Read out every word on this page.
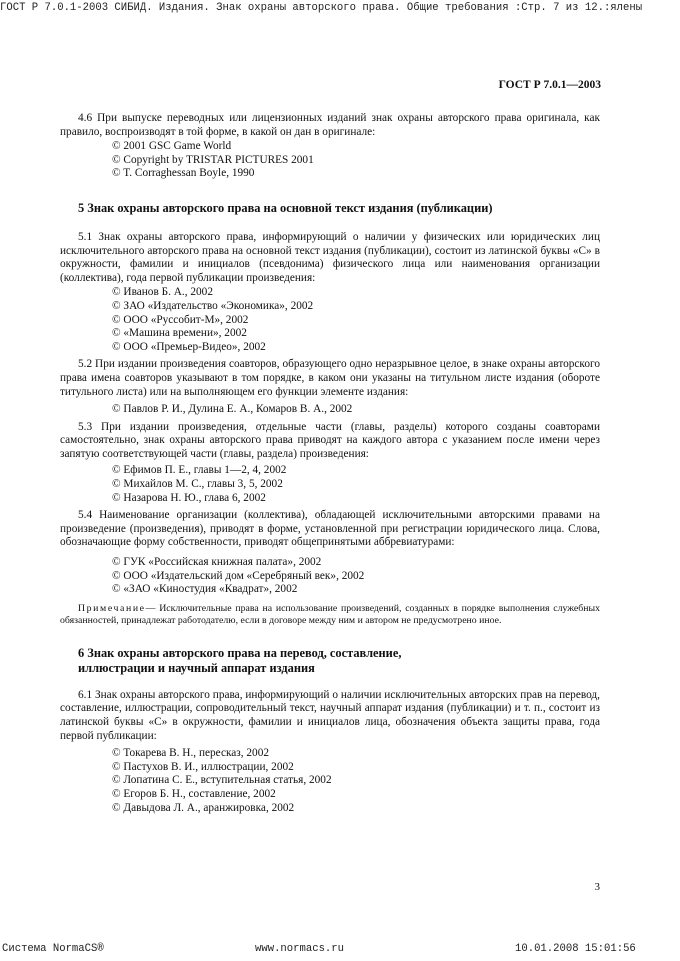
ГОСТ Р 7.0.1-2003 СИБИД. Издания. Знак охраны авторского права. Общие требования :Стр. 7 из 12.:ялены
ГОСТ Р 7.0.1—2003

4.6 При выпуске переводных или лицензионных изданий знак охраны авторского права оригинала, как правило, воспроизводят в той форме, в какой он дан в оригинале:

© 2001 GSC Game World
© Copyright by TRISTAR PICTURES 2001
© T. Corraghessan Boyle, 1990
5 Знак охраны авторского права на основной текст издания (публикации)

5.1 Знак охраны авторского права, информирующий о наличии у физических или юридических лиц исключительного авторского права на основной текст издания (публикации), состоит из латинской буквы «С» в окружности, фамилии и инициалов (псевдонима) физического лица или наименования организации (коллектива), года первой публикации произведения:

© Иванов Б. А., 2002
© ЗАО «Издательство «Экономика», 2002
© ООО «Руссобит-М», 2002
© «Машина времени», 2002
© ООО «Премьер-Видео», 2002

5.2 При издании произведения соавторов, образующего одно неразрывное целое, в знаке охраны авторского права имена соавторов указывают в том порядке, в каком они указаны на титульном листе издания (обороте титульного листа) или на выполняющем его функции элементе издания:

© Павлов Р. И., Дулина Е. А., Комаров В. А., 2002

5.3 При издании произведения, отдельные части (главы, разделы) которого созданы соавторами самостоятельно, знак охраны авторского права приводят на каждого автора с указанием после имени через запятую соответствующей части (главы, раздела) произведения:

© Ефимов П. Е., главы 1—2, 4, 2002
© Михайлов М. С., главы 3, 5, 2002
© Назарова Н. Ю., глава 6, 2002

5.4 Наименование организации (коллектива), обладающей исключительными авторскими правами на произведение (произведения), приводят в форме, установленной при регистрации юридического лица. Слова, обозначающие форму собственности, приводят общепринятыми аббревиатурами:

© ГУК «Российская книжная палата», 2002
© ООО «Издательский дом «Серебряный век», 2002
© «ЗАО «Киностудия «Квадрат», 2002

Примечание— Исключительные права на использование произведений, созданных в порядке выполнения служебных обязанностей, принадлежат работодателю, если в договоре между ним и автором не предусмотрено иное.

6 Знак охраны авторского права на перевод, составление,
иллюстрации и научный аппарат издания

6.1 Знак охраны авторского права, информирующий о наличии исключительных авторских прав на перевод, составление, иллюстрации, сопроводительный текст, научный аппарат издания (публикации) и т. п., состоит из латинской буквы «С» в окружности, фамилии и инициалов лица, обозначения объекта защиты права, года первой публикации:

© Токарева В. Н., пересказ, 2002
© Пастухов В. И., иллюстрации, 2002
© Лопатина С. Е., вступительная статья, 2002
© Егоров Б. Н., составление, 2002
© Давыдова Л. А., аранжировка, 2002
3
Система NormaCS®	www.normacs.ru	10.01.2008 15:01:56
